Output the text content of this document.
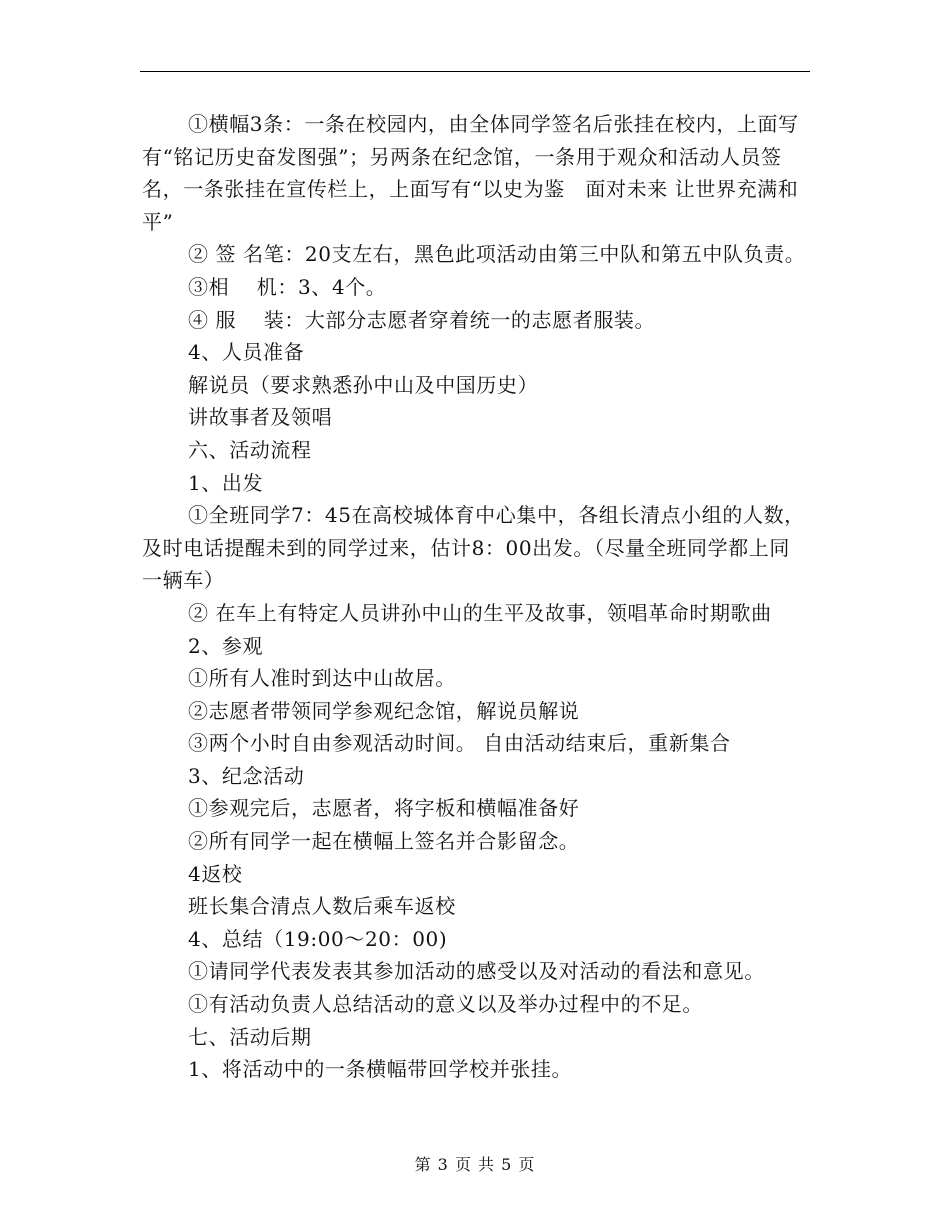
①横幅3条：一条在校园内，由全体同学签名后张挂在校内，上面写有“铭记历史奋发图强”；另两条在纪念馆，一条用于观众和活动人员签名，一条张挂在宣传栏上，上面写有“以史为鉴　面对未来 让世界充满和平”

② 签 名笔：20支左右，黑色此项活动由第三中队和第五中队负责。

③相　 机：3、4个。

④ 服　 装：大部分志愿者穿着统一的志愿者服装。

4、人员准备

解说员（要求熟悉孙中山及中国历史）

讲故事者及领唱

六、活动流程

1、出发

①全班同学7：45在高校城体育中心集中，各组长清点小组的人数，及时电话提醒未到的同学过来，估计8：00出发。（尽量全班同学都上同一辆车）

② 在车上有特定人员讲孙中山的生平及故事，领唱革命时期歌曲

2、参观

①所有人准时到达中山故居。

②志愿者带领同学参观纪念馆，解说员解说

③两个小时自由参观活动时间。 自由活动结束后，重新集合

3、纪念活动

①参观完后，志愿者，将字板和横幅准备好

②所有同学一起在横幅上签名并合影留念。

4返校

班长集合清点人数后乘车返校

4、总结（19:00～20：00)

①请同学代表发表其参加活动的感受以及对活动的看法和意见。

①有活动负责人总结活动的意义以及举办过程中的不足。

七、活动后期

1、将活动中的一条横幅带回学校并张挂。

第 3 页 共 5 页
